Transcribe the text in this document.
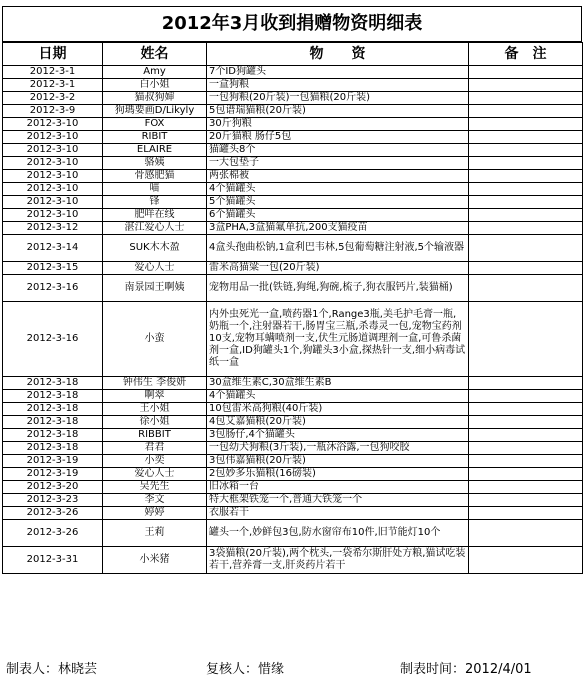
2012年3月收到捐赠物资明细表
日期	姓名	物　　资	备　注
2012-3-1	Amy	7个ID狗罐头	
2012-3-1	白小姐	一盒狗粮	
2012-3-2	猫叔狗婶	一包狗粮(20斤装)一包猫粮(20斤装)	
2012-3-9	狗瑪要画D/Likyly	5包谱瑞猫粮(20斤装)	
2012-3-10	FOX	30斤狗粮	
2012-3-10	RIBIT	20斤猫粮 肠仔5包	
2012-3-10	ELAIRE	猫罐头8个	
2012-3-10	骆姨	一大包垫子	
2012-3-10	骨感肥猫	两张棉被	
2012-3-10	喵	4个猫罐头	
2012-3-10	锋	5个猫罐头	
2012-3-10	肥咩在线	6个猫罐头	
2012-3-12	湛江爱心人士	3盒PHA,3盒猫氟单抗,200支猫疫苗	
2012-3-14	SUK木木盈	4盒头孢曲松钠,1盒利巴韦林,5包葡萄糖注射液,5个输液器	
2012-3-15	爱心人士	雷米高猫粱一包(20斤装)	
2012-3-16	南景园王啊姨	宠物用品一批(铁链,狗绳,狗碗,梳子,狗衣服钙片,装猫桶)	
2012-3-16	小蛮	内外虫死光一盒,喷药器1个,Range3瓶,美毛护毛膏一瓶,奶瓶一个,注射器若干,肠胃宝三瓶,杀毒灵一包,宠物宝药剂10支,宠物耳螨喷剂一支,伏生元肠道调理剂一盒,可鲁杀菌剂一盒,ID狗罐头1个,狗罐头3小盒,探热针一支,细小病毒试纸一盒	
2012-3-18	钟伟生 李俊妍	30盒维生素C,30盒维生素B	
2012-3-18	啊翠	4个猫罐头	
2012-3-18	王小姐	10包雷米高狗粮(40斤装)	
2012-3-18	徐小姐	4包艾嘉猫粮(20斤装)	
2012-3-18	RIBBIT	3包肠仔,4个猫罐头	
2012-3-18	君君	一包幼犬狗粮(3斤装),一瓶沐浴露,一包狗咬胶	
2012-3-19	小奕	3包伟嘉猫粮(20斤装)	
2012-3-19	爱心人士	2包妙多乐猫粮(16磅装)	
2012-3-20	吴先生	旧冰箱一台	
2012-3-23	李文	特大框架铁笼一个,普通大铁笼一个	
2012-3-26	婷婷	衣服若干	
2012-3-26	王莉	罐头一个,妙鲜包3包,防水窗帘布10件,旧节能灯10个	
2012-3-31	小米猪	3袋猫粮(20斤装),两个枕头,一袋希尔斯肝处方粮,猫试吃装若干,营养膏一支,肝炎药片若干	
制表人：林晓芸	复核人：惜缘	制表时间：2012/4/01
